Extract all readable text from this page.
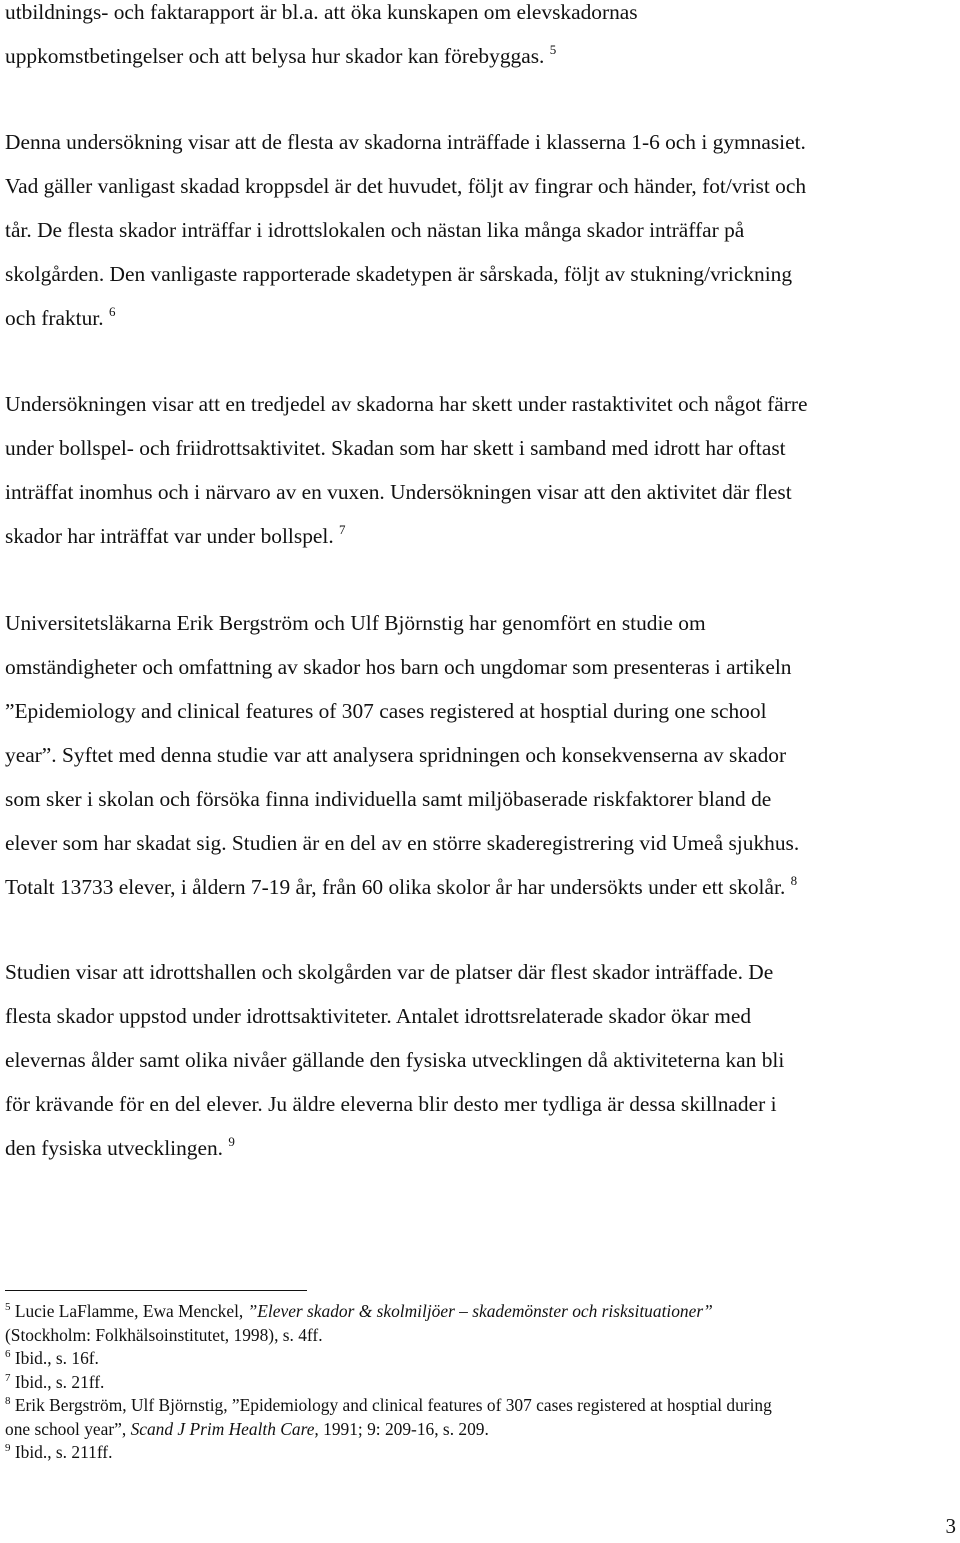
utbildnings- och faktarapport är bl.a. att öka kunskapen om elevskadornas
uppkomstbetingelser och att belysa hur skador kan förebyggas. $^5$

Denna undersökning visar att de flesta av skadorna inträffade i klasserna 1-6 och i gymnasiet.
Vad gäller vanligast skadad kroppsdel är det huvudet, följt av fingrar och händer, fot/vrist och
tår. De flesta skador inträffar i idrottslokalen och nästan lika många skador inträffar på
skolgården. Den vanligaste rapporterade skadetypen är sårskada, följt av stukning/vrickning
och fraktur. $^6$

Undersökningen visar att en tredjedel av skadorna har skett under rastaktivitet och något färre
under bollspel- och friidrottsaktivitet. Skadan som har skett i samband med idrott har oftast
inträffat inomhus och i närvaro av en vuxen. Undersökningen visar att den aktivitet där flest
skador har inträffat var under bollspel. $^7$

Universitetsläkarna Erik Bergström och Ulf Björnstig har genomfört en studie om
omständigheter och omfattning av skador hos barn och ungdomar som presenteras i artikeln
”Epidemiology and clinical features of 307 cases registered at hosptial during one school
year”. Syftet med denna studie var att analysera spridningen och konsekvenserna av skador
som sker i skolan och försöka finna individuella samt miljöbaserade riskfaktorer bland de
elever som har skadat sig. Studien är en del av en större skaderegistrering vid Umeå sjukhus.
Totalt 13733 elever, i åldern 7-19 år, från 60 olika skolor år har undersökts under ett skolår. $^8$

Studien visar att idrottshallen och skolgården var de platser där flest skador inträffade. De
flesta skador uppstod under idrottsaktiviteter. Antalet idrottsrelaterade skador ökar med
elevernas ålder samt olika nivåer gällande den fysiska utvecklingen då aktiviteterna kan bli
för krävande för en del elever. Ju äldre eleverna blir desto mer tydliga är dessa skillnader i
den fysiska utvecklingen. $^9$

$^5$ Lucie LaFlamme, Ewa Menckel, ”Elever skador & skolmiljöer – skademönster och risksituationer”
(Stockholm: Folkhälsoinstitutet, 1998), s. 4ff.
$^6$ Ibid., s. 16f.
$^7$ Ibid., s. 21ff.
$^8$ Erik Bergström, Ulf Björnstig, ”Epidemiology and clinical features of 307 cases registered at hosptial during
one school year”, Scand J Prim Health Care, 1991; 9: 209-16, s. 209.
$^9$ Ibid., s. 211ff.
3
